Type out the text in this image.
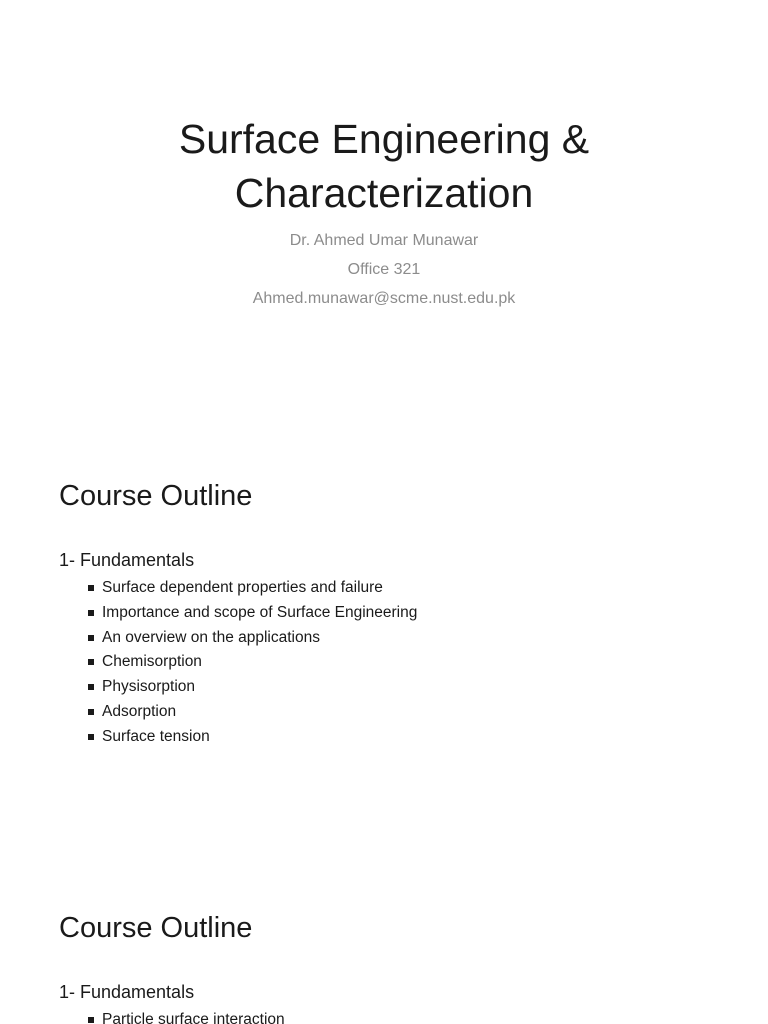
Surface Engineering &
Characterization
Dr. Ahmed Umar Munawar
Office 321
Ahmed.munawar@scme.nust.edu.pk
Course Outline
1- Fundamentals
Surface dependent properties and failure
Importance and scope of Surface Engineering
An overview on the applications
Chemisorption
Physisorption
Adsorption
Surface tension
Course Outline
1- Fundamentals
Particle surface interaction
